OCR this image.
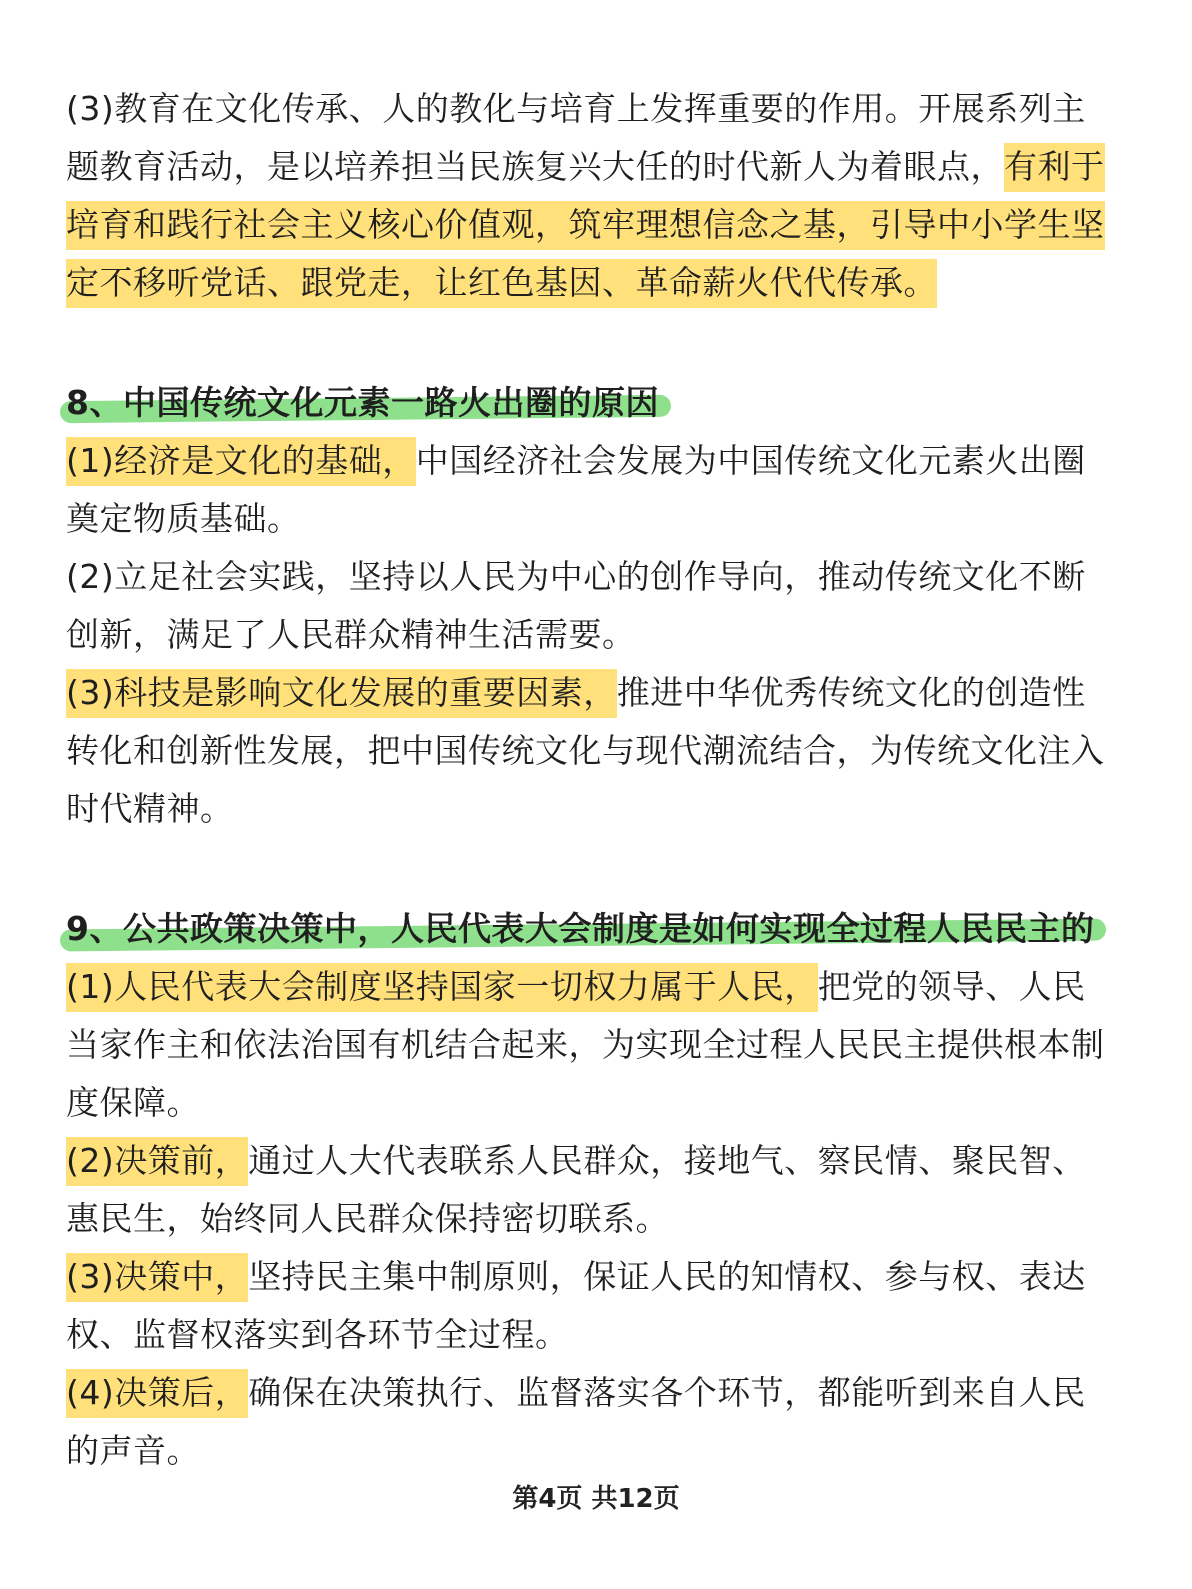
(3)教育在文化传承、人的教化与培育上发挥重要的作用。开展系列主
题教育活动，是以培养担当民族复兴大任的时代新人为着眼点，有利于
培育和践行社会主义核心价值观，筑牢理想信念之基，引导中小学生坚
定不移听党话、跟党走，让红色基因、革命薪火代代传承。
8、中国传统文化元素一路火出圈的原因
(1)经济是文化的基础，中国经济社会发展为中国传统文化元素火出圈
奠定物质基础。
(2)立足社会实践，坚持以人民为中心的创作导向，推动传统文化不断
创新，满足了人民群众精神生活需要。
(3)科技是影响文化发展的重要因素，推进中华优秀传统文化的创造性
转化和创新性发展，把中国传统文化与现代潮流结合，为传统文化注入
时代精神。
9、公共政策决策中，人民代表大会制度是如何实现全过程人民民主的
(1)人民代表大会制度坚持国家一切权力属于人民，把党的领导、人民
当家作主和依法治国有机结合起来，为实现全过程人民民主提供根本制
度保障。
(2)决策前，通过人大代表联系人民群众，接地气、察民情、聚民智、
惠民生，始终同人民群众保持密切联系。
(3)决策中，坚持民主集中制原则，保证人民的知情权、参与权、表达
权、监督权落实到各环节全过程。
(4)决策后，确保在决策执行、监督落实各个环节，都能听到来自人民
的声音。
第4页 共12页
